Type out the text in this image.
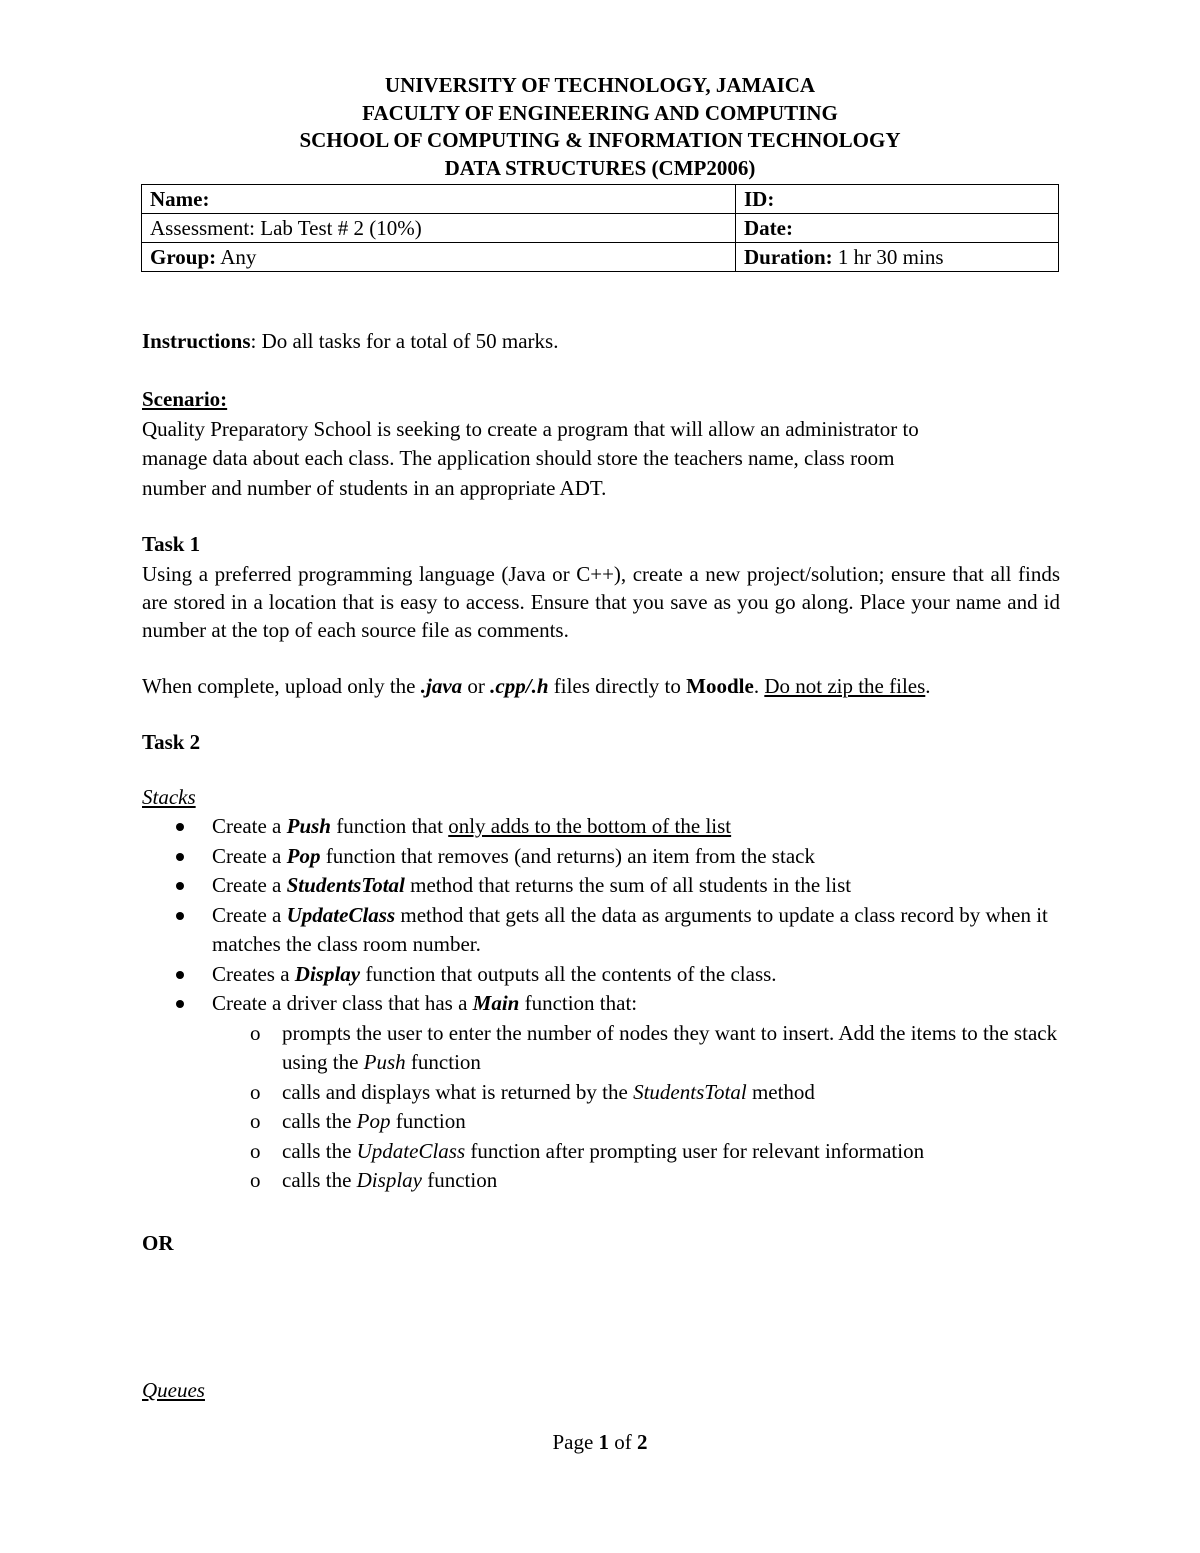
UNIVERSITY OF TECHNOLOGY, JAMAICA
FACULTY OF ENGINEERING AND COMPUTING
SCHOOL OF COMPUTING & INFORMATION TECHNOLOGY
DATA STRUCTURES (CMP2006)
Name:	ID:
Assessment: Lab Test # 2 (10%)	Date:
Group: Any	Duration: 1 hr 30 mins
Instructions: Do all tasks for a total of 50 marks.
Scenario:
Quality Preparatory School is seeking to create a program that will allow an administrator to
manage data about each class. The application should store the teachers name, class room
number and number of students in an appropriate ADT.
Task 1
Using a preferred programming language (Java or C++), create a new project/solution; ensure that all finds are stored in a location that is easy to access. Ensure that you save as you go along. Place your name and id number at the top of each source file as comments.
When complete, upload only the .java or .cpp/.h files directly to Moodle. Do not zip the files.
Task 2
Stacks
Create a Push function that only adds to the bottom of the list
Create a Pop function that removes (and returns) an item from the stack
Create a StudentsTotal method that returns the sum of all students in the list
Create a UpdateClass method that gets all the data as arguments to update a class record by when it matches the class room number.
Creates a Display function that outputs all the contents of the class.
Create a driver class that has a Main function that:
o prompts the user to enter the number of nodes they want to insert. Add the items to the stack using the Push function
o calls and displays what is returned by the StudentsTotal method
o calls the Pop function
o calls the UpdateClass function after prompting user for relevant information
o calls the Display function
OR
Queues
Page 1 of 2
